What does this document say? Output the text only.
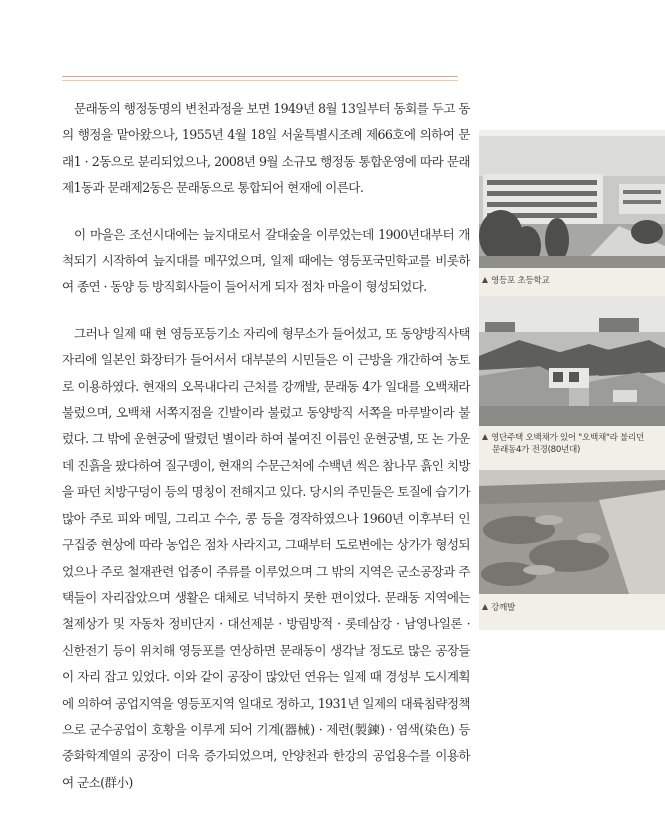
문래동의 행정동명의 변천과정을 보면 1949년 8월 13일부터 동회를 두고 동의 행정을 맡아왔으나, 1955년 4월 18일 서울특별시조례 제66호에 의하여 문래1 · 2동으로 분리되었으나, 2008년 9월 소규모 행정동 통합운영에 따라 문래제1동과 문래제2동은 문래동으로 통합되어 현재에 이른다.

이 마을은 조선시대에는 늪지대로서 갈대숲을 이루었는데 1900년대부터 개척되기 시작하여 늪지대를 메꾸었으며, 일제 때에는 영등포국민학교를 비롯하여 종연 · 동양 등 방직회사들이 들어서게 되자 점차 마을이 형성되었다.

그러나 일제 때 현 영등포등기소 자리에 형무소가 들어섰고, 또 동양방직사택자리에 일본인 화장터가 들어서서 대부분의 시민들은 이 근방을 개간하여 농토로 이용하였다. 현재의 오목내다리 근처를 강깨발, 문래동 4가 일대를 오백채라 불렀으며, 오백채 서쪽지점을 긴발이라 불렀고 동양방직 서쪽을 마루발이라 불렀다. 그 밖에 운현궁에 딸렸던 별이라 하여 붙여진 이름인 운현궁별, 또 논 가운데 진흙을 팠다하여 질구뎅이, 현재의 수문근처에 수백년 씩은 참나무 흙인 치방을 파던 치방구덩이 등의 명칭이 전해지고 있다. 당시의 주민들은 토질에 습기가 많아 주로 피와 메밀, 그리고 수수, 콩 등을 경작하였으나 1960년 이후부터 인구집중 현상에 따라 농업은 점차 사라지고, 그때부터 도로변에는 상가가 형성되었으나 주로 철재관련 업종이 주류를 이루었으며 그 밖의 지역은 군소공장과 주택들이 자리잡았으며 생활은 대체로 넉넉하지 못한 편이었다. 문래동 지역에는 철제상가 및 자동차 정비단지 · 대선제분 · 방림방적 · 롯데삼강 · 남영나일론 · 신한전기 등이 위치해 영등포를 연상하면 문래동이 생각날 정도로 많은 공장들이 자리 잡고 있었다. 이와 같이 공장이 많았던 연유는 일제 때 경성부 도시계획에 의하여 공업지역을 영등포지역 일대로 정하고, 1931년 일제의 대륙침략정책으로 군수공업이 호황을 이루게 되어 기계(器械) · 제련(製鍊) · 염색(染色) 등 중화학계열의 공장이 더욱 증가되었으며, 안양천과 한강의 공업용수를 이용하여 군소(群小)

영등포 초등학교
영단주택 오백채가 있어 "오백채"라 불리던
문래동4가 전경(80년대)
강깨발
